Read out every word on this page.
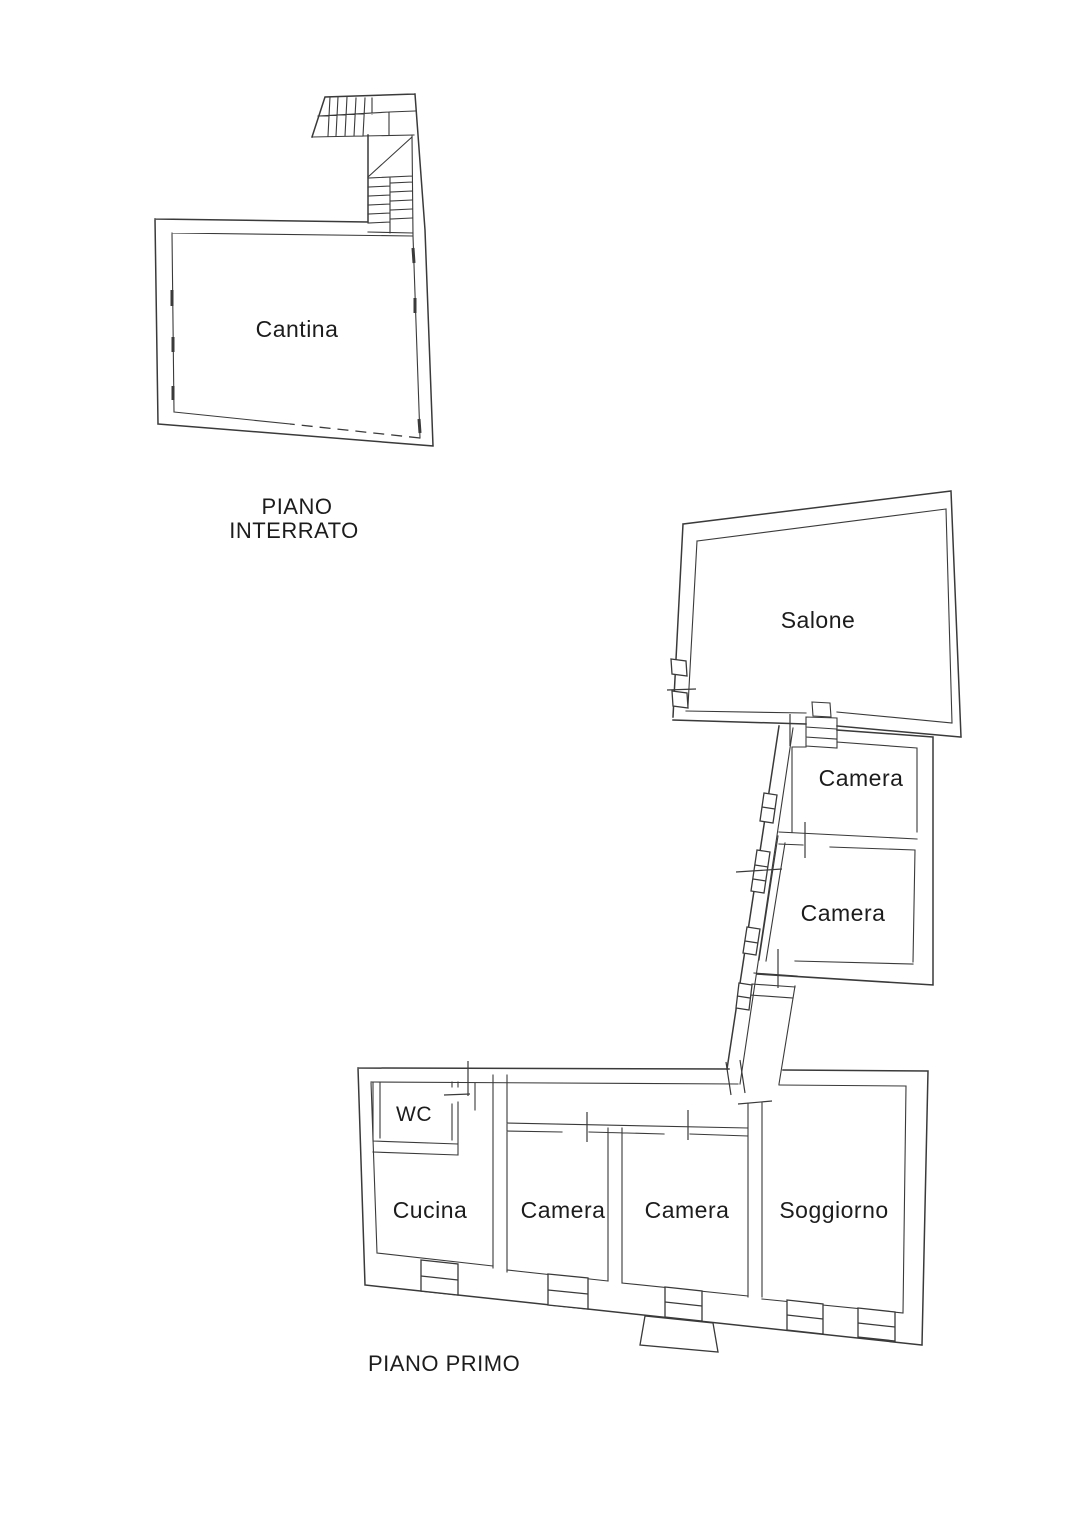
Cantina
PIANO
INTERRATO
Salone
Camera
Camera
WC
Cucina Camera Camera Soggiorno
PIANO PRIMO
